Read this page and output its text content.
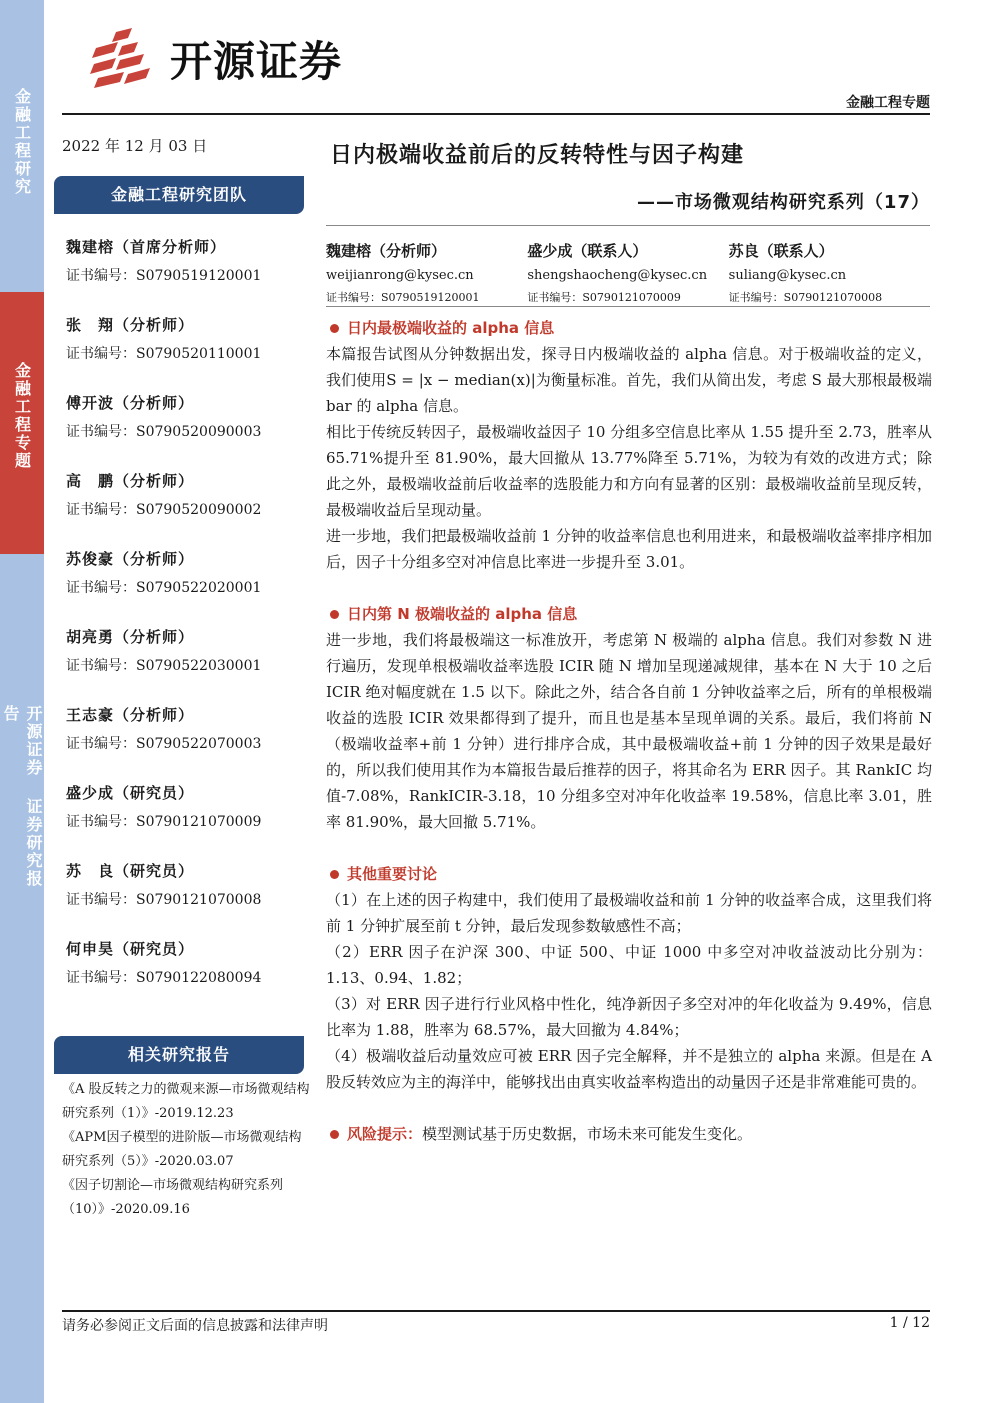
金融工程研究
金融工程专题
开源证券 证券研究报告
开源证券
金融工程专题
2022 年 12 月 03 日
金融工程研究团队
魏建榕（首席分析师）
证书编号：S0790519120001
张　翔（分析师）
证书编号：S0790520110001
傅开波（分析师）
证书编号：S0790520090003
高　鹏（分析师）
证书编号：S0790520090002
苏俊豪（分析师）
证书编号：S0790522020001
胡亮勇（分析师）
证书编号：S0790522030001
王志豪（分析师）
证书编号：S0790522070003
盛少成（研究员）
证书编号：S0790121070009
苏　良（研究员）
证书编号：S0790121070008
何申昊（研究员）
证书编号：S0790122080094
相关研究报告
《A 股反转之力的微观来源—市场微观结构研究系列（1）》-2019.12.23
《APM因子模型的进阶版—市场微观结构研究系列（5）》-2020.03.07
《因子切割论—市场微观结构研究系列（10）》-2020.09.16
日内极端收益前后的反转特性与因子构建
——市场微观结构研究系列（17）
魏建榕（分析师）
weijianrong@kysec.cn
证书编号：S0790519120001
盛少成（联系人）
shengshaocheng@kysec.cn
证书编号：S0790121070009
苏良（联系人）
suliang@kysec.cn
证书编号：S0790121070008
日内最极端收益的 alpha 信息

本篇报告试图从分钟数据出发，探寻日内极端收益的 alpha 信息。对于极端收益的定义，我们使用S = |x − median(x)|为衡量标准。首先，我们从简出发，考虑 S 最大那根最极端 bar 的 alpha 信息。

相比于传统反转因子，最极端收益因子 10 分组多空信息比率从 1.55 提升至 2.73，胜率从 65.71%提升至 81.90%，最大回撤从 13.77%降至 5.71%，为较为有效的改进方式；除此之外，最极端收益前后收益率的选股能力和方向有显著的区别：最极端收益前呈现反转，最极端收益后呈现动量。

进一步地，我们把最极端收益前 1 分钟的收益率信息也利用进来，和最极端收益率排序相加后，因子十分组多空对冲信息比率进一步提升至 3.01。

日内第 N 极端收益的 alpha 信息

进一步地，我们将最极端这一标准放开，考虑第 N 极端的 alpha 信息。我们对参数 N 进行遍历，发现单根极端收益率选股 ICIR 随 N 增加呈现递减规律，基本在 N 大于 10 之后 ICIR 绝对幅度就在 1.5 以下。除此之外，结合各自前 1 分钟收益率之后，所有的单根极端收益的选股 ICIR 效果都得到了提升，而且也是基本呈现单调的关系。最后，我们将前 N（极端收益率+前 1 分钟）进行排序合成，其中最极端收益+前 1 分钟的因子效果是最好的，所以我们使用其作为本篇报告最后推荐的因子，将其命名为 ERR 因子。其 RankIC 均值-7.08%，RankICIR-3.18，10 分组多空对冲年化收益率 19.58%，信息比率 3.01，胜率 81.90%，最大回撤 5.71%。

其他重要讨论

（1）在上述的因子构建中，我们使用了最极端收益和前 1 分钟的收益率合成，这里我们将前 1 分钟扩展至前 t 分钟，最后发现参数敏感性不高；

（2）ERR 因子在沪深 300、中证 500、中证 1000 中多空对冲收益波动比分别为：1.13、0.94、1.82；

（3）对 ERR 因子进行行业风格中性化，纯净新因子多空对冲的年化收益为 9.49%，信息比率为 1.88，胜率为 68.57%，最大回撤为 4.84%；

（4）极端收益后动量效应可被 ERR 因子完全解释，并不是独立的 alpha 来源。但是在 A 股反转效应为主的海洋中，能够找出由真实收益率构造出的动量因子还是非常难能可贵的。

风险提示： 模型测试基于历史数据，市场未来可能发生变化。
请务必参阅正文后面的信息披露和法律声明	1 / 12
